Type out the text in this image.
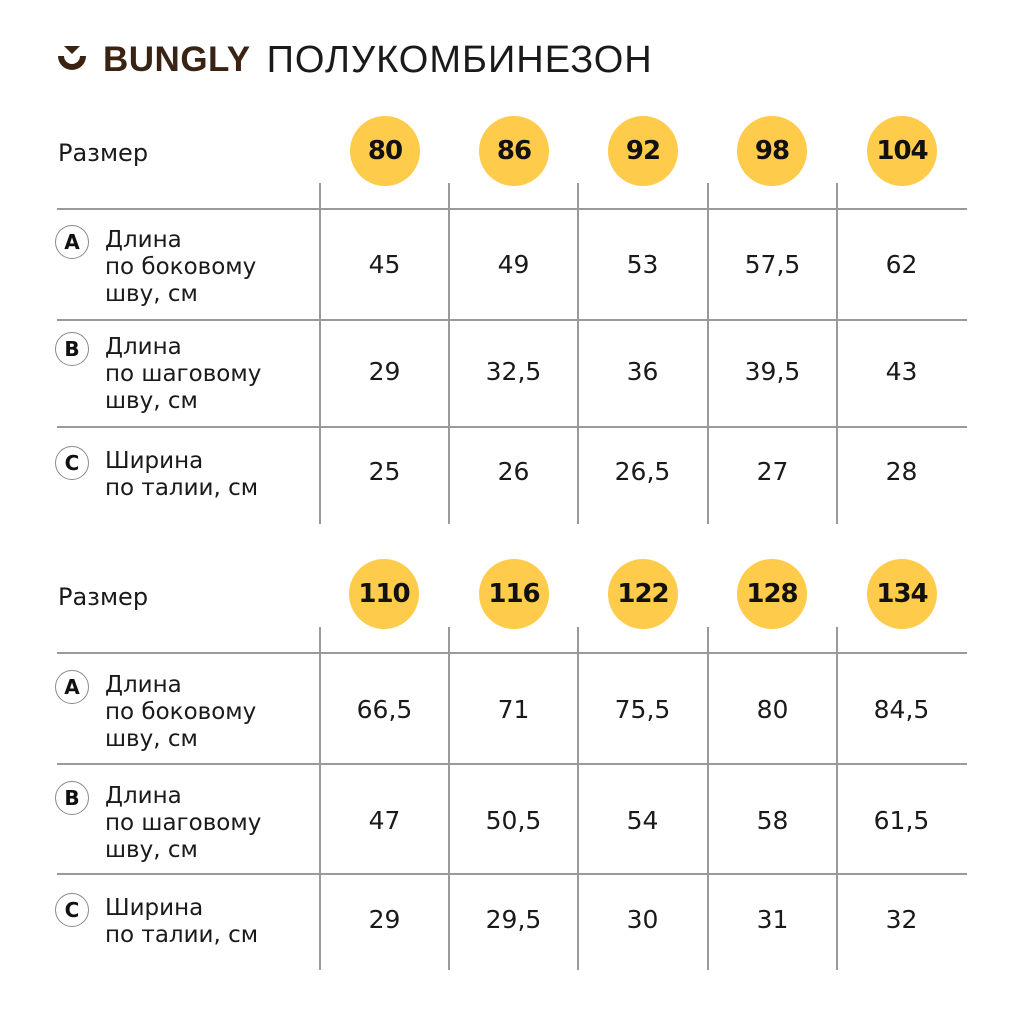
BUNGLY ПОЛУКОМБИНЕЗОН
Размер	80	86	92	98	104
A	Длина
по боковому
шву, см
45	49	53	57,5	62
B	Длина
по шаговому
шву, см
29	32,5	36	39,5	43
C	Ширина
по талии, см
25	26	26,5	27	28
Размер	110	116	122	128	134
A	Длина
по боковому
шву, см
66,5	71	75,5	80	84,5
B	Длина
по шаговому
шву, см
47	50,5	54	58	61,5
C	Ширина
по талии, см
29	29,5	30	31	32
